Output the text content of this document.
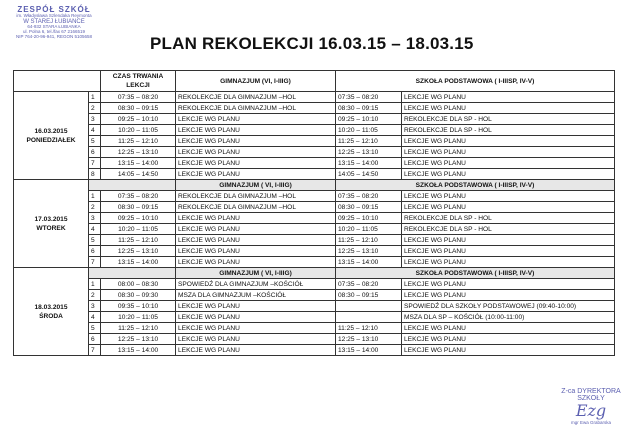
ZESPÓŁ SZKÓŁ
im. Władysława Szlendaka Reymonta
W STAREJ ŁUBIANCE
64-932 STARA ŁUBIANKA
ul. Polna 6, tel./fax 67 2166519
NIP 764-20-96-941, REGON 5105658	PLAN REKOLEKCJI 16.03.15 – 18.03.15
		CZAS TRWANIA LEKCJI	GIMNAZJUM (VI, I-IIIG)	SZKOŁA PODSTAWOWA ( I-IIISP, IV-V)	
16.03.2015
PONIEDZIAŁEK	1	07:35 – 08:20	REKOLEKCJE DLA GIMNAZJUM –HOL	07:35 – 08:20	LEKCJE WG PLANU
	2	08:30 – 09:15	REKOLEKCJE DLA GIMNAZJUM –HOL	08:30 – 09:15	LEKCJE WG PLANU
	3	09:25 – 10:10	LEKCJE WG PLANU	09:25 – 10:10	REKOLEKCJE DLA SP - HOL
	4	10:20 – 11:05	LEKCJE WG PLANU	10:20 – 11:05	REKOLEKCJE DLA SP - HOL
	5	11:25 – 12:10	LEKCJE WG PLANU	11:25 – 12:10	LEKCJE WG PLANU
	6	12:25 – 13:10	LEKCJE WG PLANU	12:25 – 13:10	LEKCJE WG PLANU
	7	13:15 – 14:00	LEKCJE WG PLANU	13:15 – 14:00	LEKCJE WG PLANU
	8	14:05 – 14:50	LEKCJE WG PLANU	14:05 – 14:50	LEKCJE WG PLANU
17.03.2015
WTOREK			GIMNAZJUM ( VI, I-IIIG)	SZKOŁA PODSTAWOWA ( I-IIISP, IV-V)	
	1	07:35 – 08:20	REKOLEKCJE DLA GIMNAZJUM –HOL	07:35 – 08:20	LEKCJE WG PLANU
	2	08:30 – 09:15	REKOLEKCJE DLA GIMNAZJUM –HOL	08:30 – 09:15	LEKCJE WG PLANU
	3	09:25 – 10:10	LEKCJE WG PLANU	09:25 – 10:10	REKOLEKCJE DLA SP - HOL
	4	10:20 – 11:05	LEKCJE WG PLANU	10:20 – 11:05	REKOLEKCJE DLA SP - HOL
	5	11:25 – 12:10	LEKCJE WG PLANU	11:25 – 12:10	LEKCJE WG PLANU
	6	12:25 – 13:10	LEKCJE WG PLANU	12:25 – 13:10	LEKCJE WG PLANU
	7	13:15 – 14:00	LEKCJE WG PLANU	13:15 – 14:00	LEKCJE WG PLANU
18.03.2015
ŚRODA			GIMNAZJUM ( VI, I-IIIG)	SZKOŁA PODSTAWOWA ( I-IIISP, IV-V)	
	1	08:00 – 08:30	SPOWIEDŹ DLA GIMNAZJUM –KOŚCIÓŁ	07:35 – 08:20	LEKCJE WG PLANU
	2	08:30 – 09:30	MSZA DLA GIMNAZJUM –KOŚCIÓŁ	08:30 – 09:15	LEKCJE WG PLANU
	3	09:35 – 10:10	LEKCJE WG PLANU		SPOWIEDŹ DLA SZKOŁY PODSTAWOWEJ (09:40-10:00)
	4	10:20 – 11:05	LEKCJE WG PLANU		MSZA DLA SP – KOŚCIÓŁ (10:00-11:00)
	5	11:25 – 12:10	LEKCJE WG PLANU	11:25 – 12:10	LEKCJE WG PLANU
	6	12:25 – 13:10	LEKCJE WG PLANU	12:25 – 13:10	LEKCJE WG PLANU
	7	13:15 – 14:00	LEKCJE WG PLANU	13:15 – 14:00	LEKCJE WG PLANU
Z-ca DYREKTORA SZKOŁY
Ezg
mgr Ewa Grabarska
